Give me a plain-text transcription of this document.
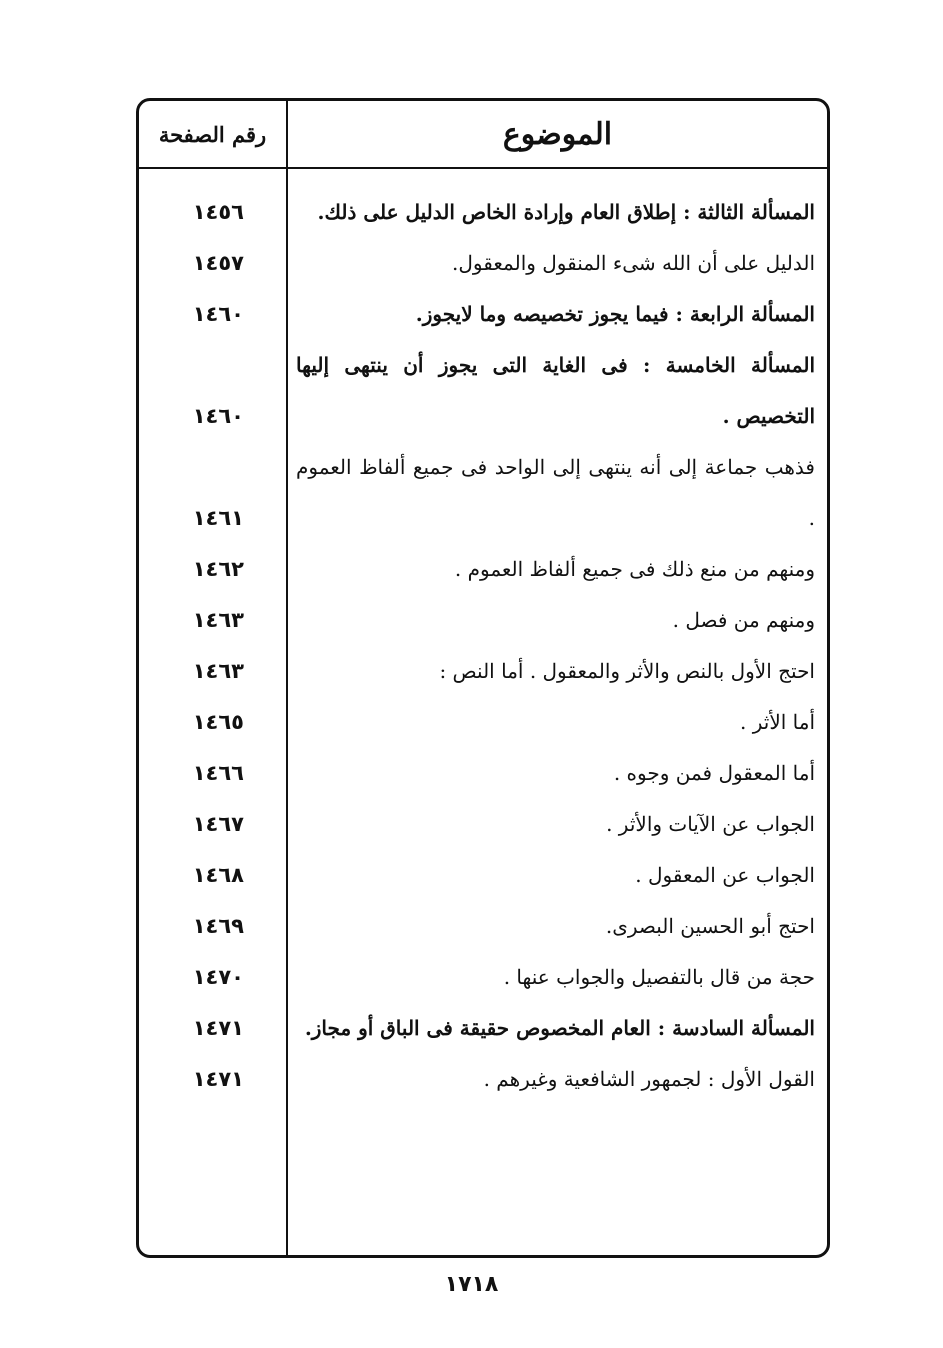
الموضوع
رقم الصفحة
المسألة الثالثة : إطلاق العام وإرادة الخاص الدليل على ذلك.
١٤٥٦
الدليل على أن الله شىء المنقول والمعقول.
١٤٥٧
المسألة الرابعة : فيما يجوز تخصيصه وما لايجوز.
١٤٦٠
المسألة الخامسة : فى الغاية التى يجوز أن ينتهى إليها التخصيص .
١٤٦٠
فذهب جماعة إلى أنه ينتهى إلى الواحد فى جميع ألفاظ العموم .
١٤٦١
ومنهم من منع ذلك فى جميع ألفاظ العموم .
١٤٦٢
ومنهم من فصل .
١٤٦٣
احتج الأول بالنص والأثر والمعقول . أما النص :
١٤٦٣
أما الأثر .
١٤٦٥
أما المعقول فمن وجوه .
١٤٦٦
الجواب عن الآيات والأثر .
١٤٦٧
الجواب عن المعقول .
١٤٦٨
احتج أبو الحسين البصرى.
١٤٦٩
حجة من قال بالتفصيل والجواب عنها .
١٤٧٠
المسألة السادسة : العام المخصوص حقيقة فى الباق أو مجاز.
١٤٧١
القول الأول : لجمهور الشافعية وغيرهم .
١٤٧١
١٧١٨
